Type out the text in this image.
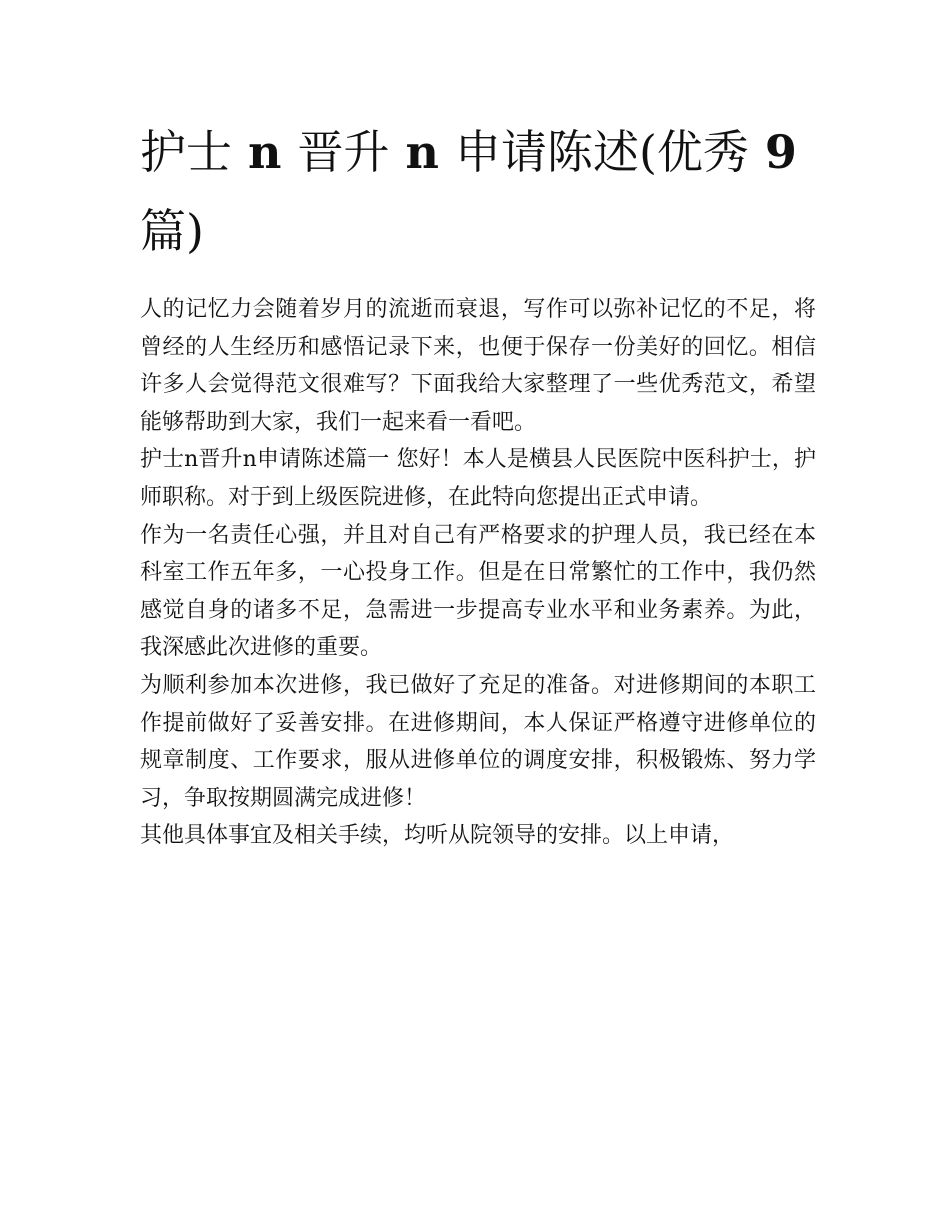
护士 n 晋升 n 申请陈述(优秀 9 篇)

人的记忆力会随着岁月的流逝而衰退，写作可以弥补记忆的不足，将曾经的人生经历和感悟记录下来，也便于保存一份美好的回忆。相信许多人会觉得范文很难写？下面我给大家整理了一些优秀范文，希望能够帮助到大家，我们一起来看一看吧。

护士n晋升n申请陈述篇一 您好！本人是横县人民医院中医科护士，护师职称。对于到上级医院进修，在此特向您提出正式申请。

作为一名责任心强，并且对自己有严格要求的护理人员，我已经在本科室工作五年多，一心投身工作。但是在日常繁忙的工作中，我仍然感觉自身的诸多不足，急需进一步提高专业水平和业务素养。为此，我深感此次进修的重要。

为顺利参加本次进修，我已做好了充足的准备。对进修期间的本职工作提前做好了妥善安排。在进修期间，本人保证严格遵守进修单位的规章制度、工作要求，服从进修单位的调度安排，积极锻炼、努力学习，争取按期圆满完成进修！

其他具体事宜及相关手续，均听从院领导的安排。以上申请，
